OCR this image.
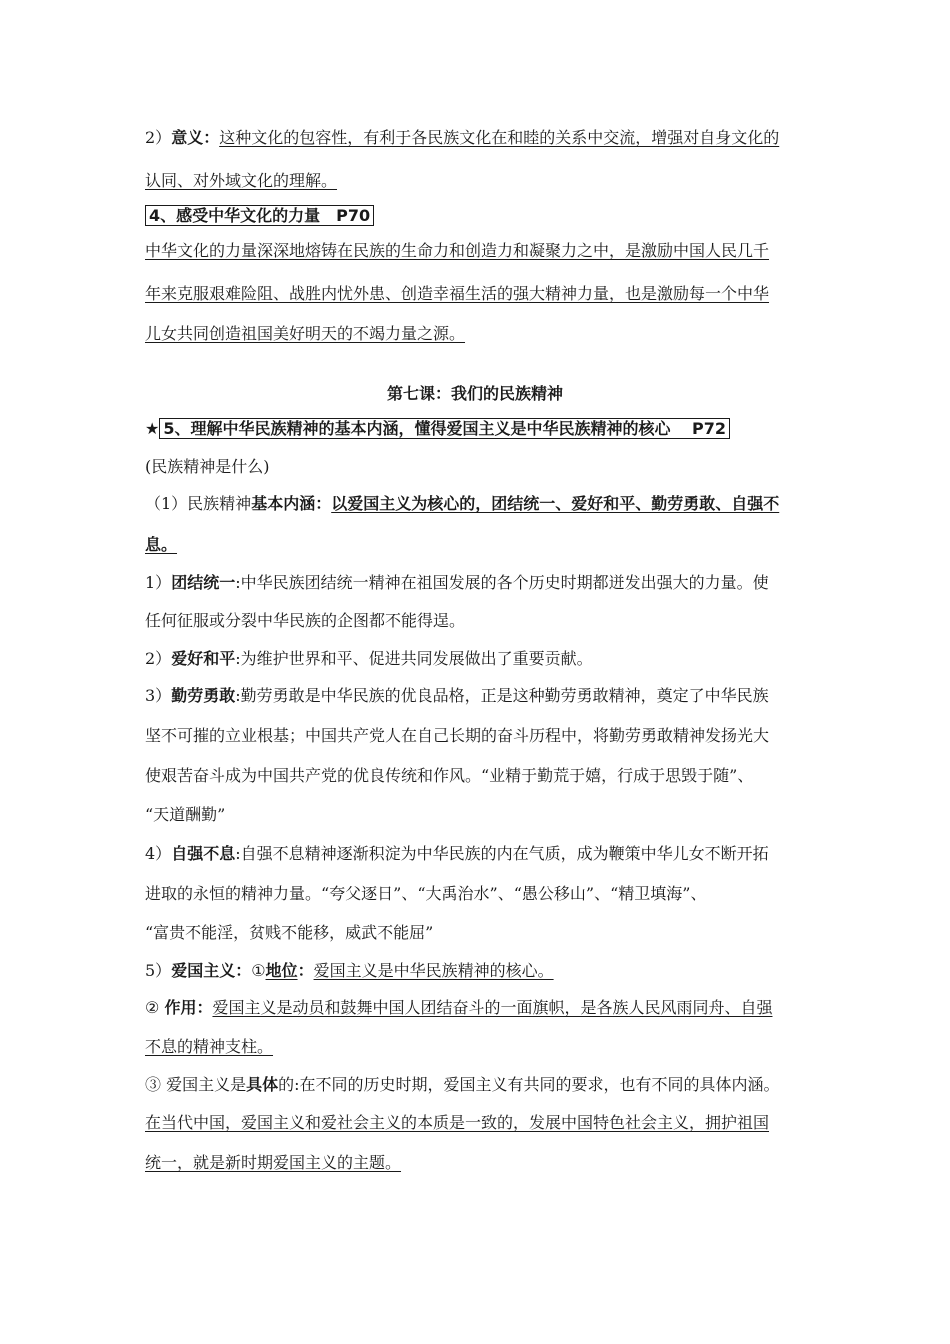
2）意义：这种文化的包容性，有利于各民族文化在和睦的关系中交流，增强对自身文化的
认同、对外域文化的理解。
4、感受中华文化的力量　P70
中华文化的力量深深地熔铸在民族的生命力和创造力和凝聚力之中，是激励中国人民几千
年来克服艰难险阻、战胜内忧外患、创造幸福生活的强大精神力量，也是激励每一个中华
儿女共同创造祖国美好明天的不竭力量之源。
第七课：我们的民族精神
★ 5、理解中华民族精神的基本内涵，懂得爱国主义是中华民族精神的核心　 P72
(民族精神是什么)
（1）民族精神基本内涵：以爱国主义为核心的，团结统一、爱好和平、勤劳勇敢、自强不
息。
1）团结统一:中华民族团结统一精神在祖国发展的各个历史时期都迸发出强大的力量。使
任何征服或分裂中华民族的企图都不能得逞。
2）爱好和平:为维护世界和平、促进共同发展做出了重要贡献。
3）勤劳勇敢:勤劳勇敢是中华民族的优良品格，正是这种勤劳勇敢精神，奠定了中华民族
坚不可摧的立业根基；中国共产党人在自己长期的奋斗历程中，将勤劳勇敢精神发扬光大
使艰苦奋斗成为中国共产党的优良传统和作风。“业精于勤荒于嬉，行成于思毁于随”、
“天道酬勤”
4）自强不息:自强不息精神逐渐积淀为中华民族的内在气质，成为鞭策中华儿女不断开拓
进取的永恒的精神力量。“夸父逐日”、“大禹治水”、“愚公移山”、“精卫填海”、
“富贵不能淫，贫贱不能移，威武不能屈”
5）爱国主义：①地位：爱国主义是中华民族精神的核心。
② 作用：爱国主义是动员和鼓舞中国人团结奋斗的一面旗帜，是各族人民风雨同舟、自强
不息的精神支柱。
③ 爱国主义是具体的:在不同的历史时期，爱国主义有共同的要求，也有不同的具体内涵。
在当代中国，爱国主义和爱社会主义的本质是一致的，发展中国特色社会主义，拥护祖国
统一，就是新时期爱国主义的主题。
